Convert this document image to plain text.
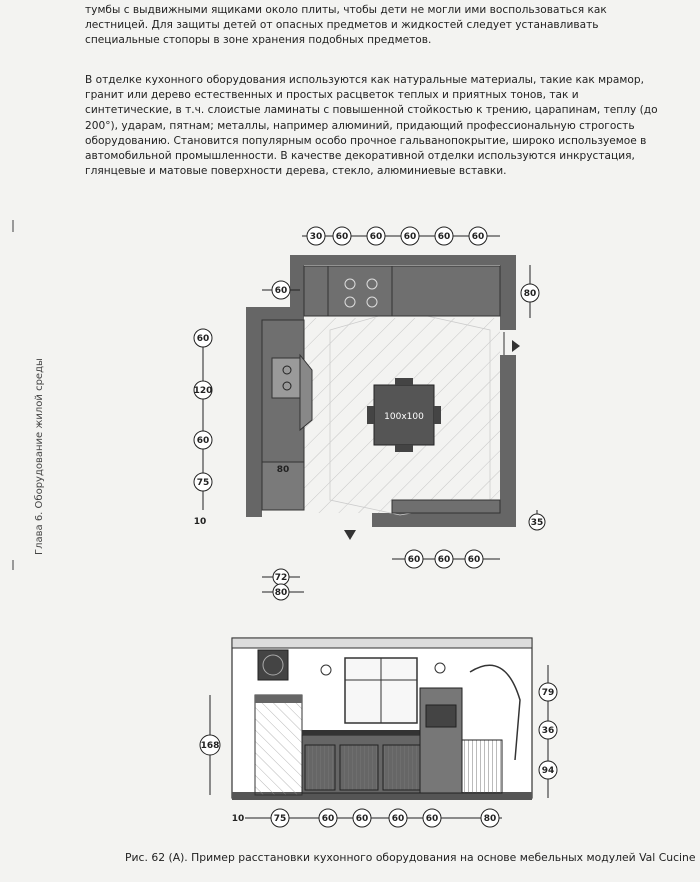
тумбы с выдвижными ящиками около плиты, чтобы дети не могли ими воспользоваться как лестницей. Для защиты детей от опасных предметов и жидкостей следует устанавливать специальные стопоры в зоне хранения подобных предметов.

В отделке кухонного оборудования используются как натуральные материалы, такие как мрамор, гранит или дерево естественных и простых расцветок теплых и приятных тонов, так и синтетические, в т.ч. слоистые ламинаты с повышенной стойкостью к трению, царапинам, теплу (до 200°), ударам, пятнам; металлы, например алюминий, придающий профессиональную строгость оборудованию. Становится популярным особо прочное гальванопокрытие, широко используемое в автомобильной промышленности. В качестве декоративной отделки используются инкрустация, глянцевые и матовые поверхности дерева, стекло, алюминиевые вставки.

Глава 6. Оборудование жилой среды	100x100
30 60 60 60 60 60
60
120
60
75
10
60	80
35
60 60 60
72
80
80
168
79
36
94
75	60 60	60 60	80
10
Рис. 62 (А). Пример расстановки кухонного оборудования на основе мебельных модулей Val Cucine
